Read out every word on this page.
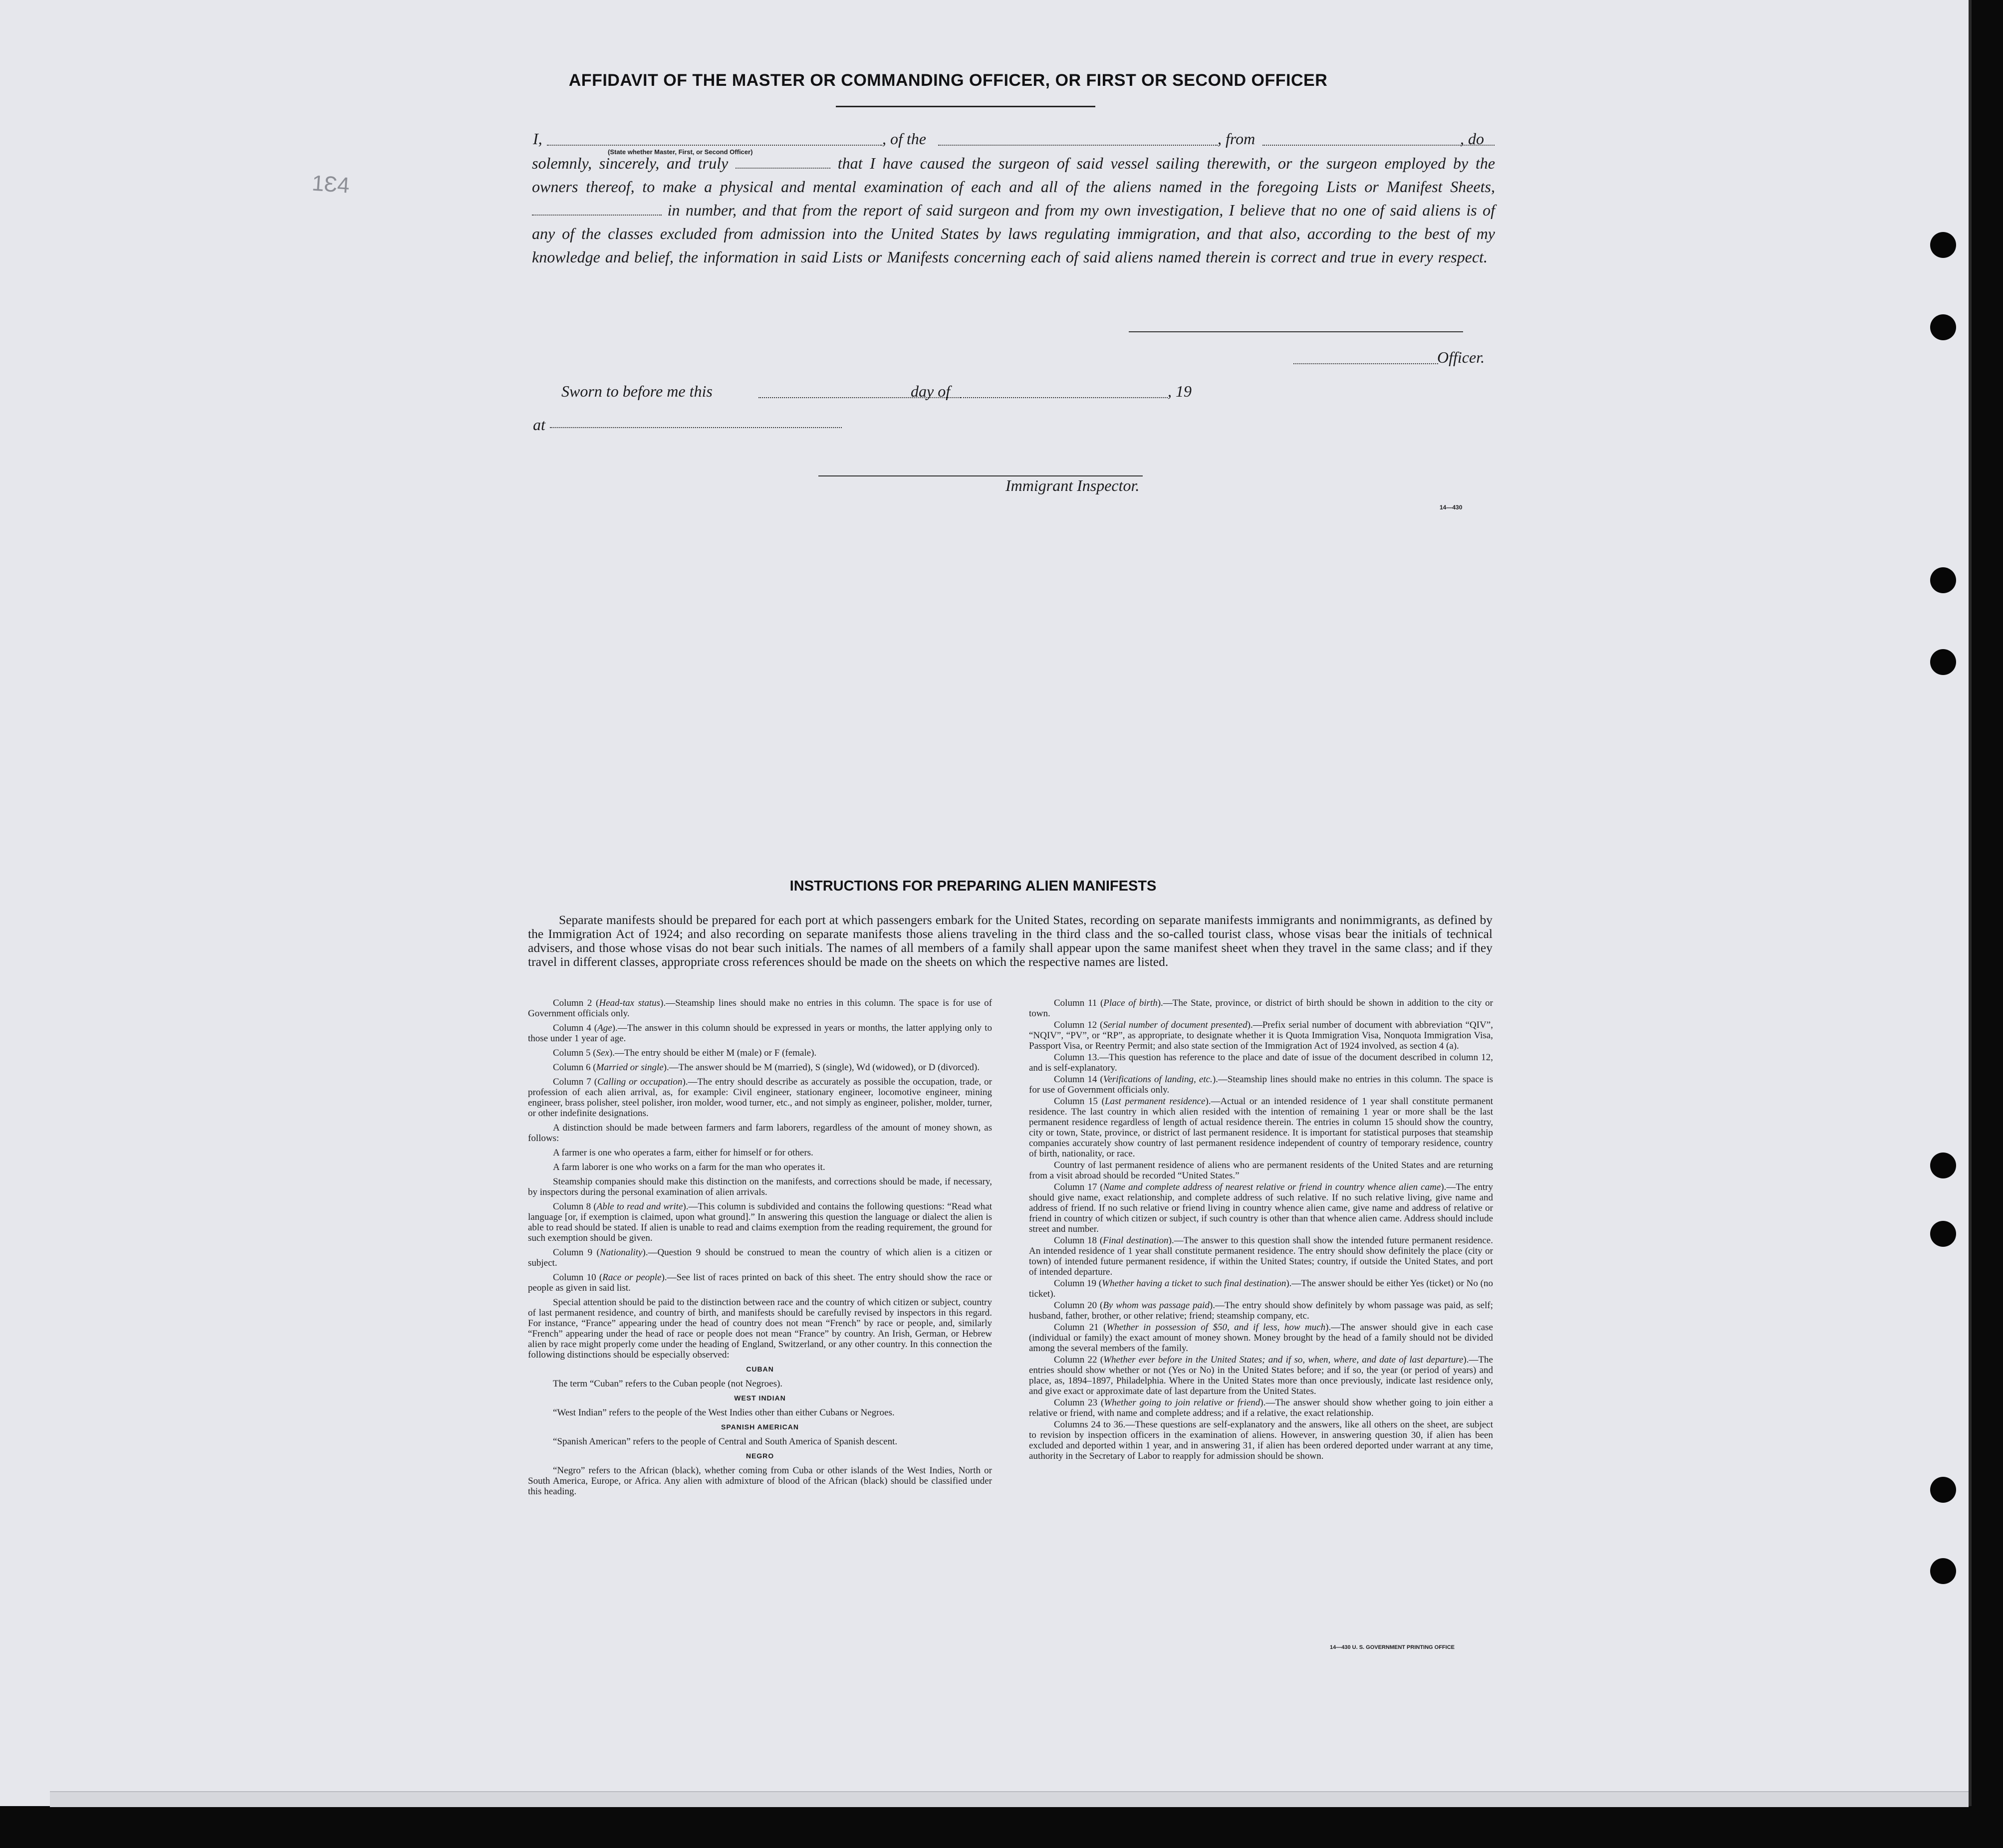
1Ɛ4
AFFIDAVIT OF THE MASTER OR COMMANDING OFFICER, OR FIRST OR SECOND OFFICER
I,
(State whether Master, First, or Second Officer)
, of the	, from	, do
solemnly, sincerely, and truly	that I have caused the surgeon of said vessel sailing therewith, or the surgeon employed by the owners thereof, to make a physical and mental examination of each and all of the aliens named in the foregoing Lists or Manifest Sheets,  in number, and that from the report of said surgeon and from my own investigation, I believe that no one of said aliens is of any of the classes excluded from admission into the United States by laws regulating immigration, and that also, according to the best of my knowledge and belief, the information in said Lists or Manifests concerning each of said aliens named therein is correct and true in every respect.
Officer.
Sworn to before me this	day of	, 19
at
Immigrant Inspector.
14—430
INSTRUCTIONS FOR PREPARING ALIEN MANIFESTS
Separate manifests should be prepared for each port at which passengers embark for the United States, recording on separate manifests immigrants and nonimmigrants, as defined by the Immigration Act of 1924; and also recording on separate manifests those aliens traveling in the third class and the so-called tourist class, whose visas bear the initials of technical advisers, and those whose visas do not bear such initials. The names of all members of a family shall appear upon the same manifest sheet when they travel in the same class; and if they travel in different classes, appropriate cross references should be made on the sheets on which the respective names are listed.

Column 2 (Head-tax status).—Steamship lines should make no entries in this column. The space is for use of Government officials only.

Column 4 (Age).—The answer in this column should be expressed in years or months, the latter applying only to those under 1 year of age.

Column 5 (Sex).—The entry should be either M (male) or F (female).

Column 6 (Married or single).—The answer should be M (married), S (single), Wd (widowed), or D (divorced).

Column 7 (Calling or occupation).—The entry should describe as accurately as possible the occupation, trade, or profession of each alien arrival, as, for example: Civil engineer, stationary engineer, locomotive engineer, mining engineer, brass polisher, steel polisher, iron molder, wood turner, etc., and not simply as engineer, polisher, molder, turner, or other indefinite designations.

A distinction should be made between farmers and farm laborers, regardless of the amount of money shown, as follows:

A farmer is one who operates a farm, either for himself or for others.

A farm laborer is one who works on a farm for the man who operates it.

Steamship companies should make this distinction on the manifests, and corrections should be made, if necessary, by inspectors during the personal examination of alien arrivals.

Column 8 (Able to read and write).—This column is subdivided and contains the following questions: “Read what language [or, if exemption is claimed, upon what ground].” In answering this question the language or dialect the alien is able to read should be stated. If alien is unable to read and claims exemption from the reading requirement, the ground for such exemption should be given.

Column 9 (Nationality).—Question 9 should be construed to mean the country of which alien is a citizen or subject.

Column 10 (Race or people).—See list of races printed on back of this sheet. The entry should show the race or people as given in said list.

Special attention should be paid to the distinction between race and the country of which citizen or subject, country of last permanent residence, and country of birth, and manifests should be carefully revised by inspectors in this regard. For instance, “France” appearing under the head of country does not mean “French” by race or people, and, similarly “French” appearing under the head of race or people does not mean “France” by country. An Irish, German, or Hebrew alien by race might properly come under the heading of England, Switzerland, or any other country. In this connection the following distinctions should be especially observed:

CUBAN

The term “Cuban” refers to the Cuban people (not Negroes).

WEST INDIAN

“West Indian” refers to the people of the West Indies other than either Cubans or Negroes.

SPANISH AMERICAN

“Spanish American” refers to the people of Central and South America of Spanish descent.

NEGRO

“Negro” refers to the African (black), whether coming from Cuba or other islands of the West Indies, North or South America, Europe, or Africa. Any alien with admixture of blood of the African (black) should be classified under this heading.

Column 11 (Place of birth).—The State, province, or district of birth should be shown in addition to the city or town.

Column 12 (Serial number of document presented).—Prefix serial number of document with abbreviation “QIV”, “NQIV”, “PV”, or “RP”, as appropriate, to designate whether it is Quota Immigration Visa, Nonquota Immigration Visa, Passport Visa, or Reentry Permit; and also state section of the Immigration Act of 1924 involved, as section 4 (a).

Column 13.—This question has reference to the place and date of issue of the document described in column 12, and is self-explanatory.

Column 14 (Verifications of landing, etc.).—Steamship lines should make no entries in this column. The space is for use of Government officials only.

Column 15 (Last permanent residence).—Actual or an intended residence of 1 year shall constitute permanent residence. The last country in which alien resided with the intention of remaining 1 year or more shall be the last permanent residence regardless of length of actual residence therein. The entries in column 15 should show the country, city or town, State, province, or district of last permanent residence. It is important for statistical purposes that steamship companies accurately show country of last permanent residence independent of country of temporary residence, country of birth, nationality, or race.

Country of last permanent residence of aliens who are permanent residents of the United States and are returning from a visit abroad should be recorded “United States.”

Column 17 (Name and complete address of nearest relative or friend in country whence alien came).—The entry should give name, exact relationship, and complete address of such relative. If no such relative living, give name and address of friend. If no such relative or friend living in country whence alien came, give name and address of relative or friend in country of which citizen or subject, if such country is other than that whence alien came. Address should include street and number.

Column 18 (Final destination).—The answer to this question shall show the intended future permanent residence. An intended residence of 1 year shall constitute permanent residence. The entry should show definitely the place (city or town) of intended future permanent residence, if within the United States; country, if outside the United States, and port of intended departure.

Column 19 (Whether having a ticket to such final destination).—The answer should be either Yes (ticket) or No (no ticket).

Column 20 (By whom was passage paid).—The entry should show definitely by whom passage was paid, as self; husband, father, brother, or other relative; friend; steamship company, etc.

Column 21 (Whether in possession of $50, and if less, how much).—The answer should give in each case (individual or family) the exact amount of money shown. Money brought by the head of a family should not be divided among the several members of the family.

Column 22 (Whether ever before in the United States; and if so, when, where, and date of last departure).—The entries should show whether or not (Yes or No) in the United States before; and if so, the year (or period of years) and place, as, 1894–1897, Philadelphia. Where in the United States more than once previously, indicate last residence only, and give exact or approximate date of last departure from the United States.

Column 23 (Whether going to join relative or friend).—The answer should show whether going to join either a relative or friend, with name and complete address; and if a relative, the exact relationship.

Columns 24 to 36.—These questions are self-explanatory and the answers, like all others on the sheet, are subject to revision by inspection officers in the examination of aliens. However, in answering question 30, if alien has been excluded and deported within 1 year, and in answering 31, if alien has been ordered deported under warrant at any time, authority in the Secretary of Labor to reapply for admission should be shown.

14—430 U. S. GOVERNMENT PRINTING OFFICE
